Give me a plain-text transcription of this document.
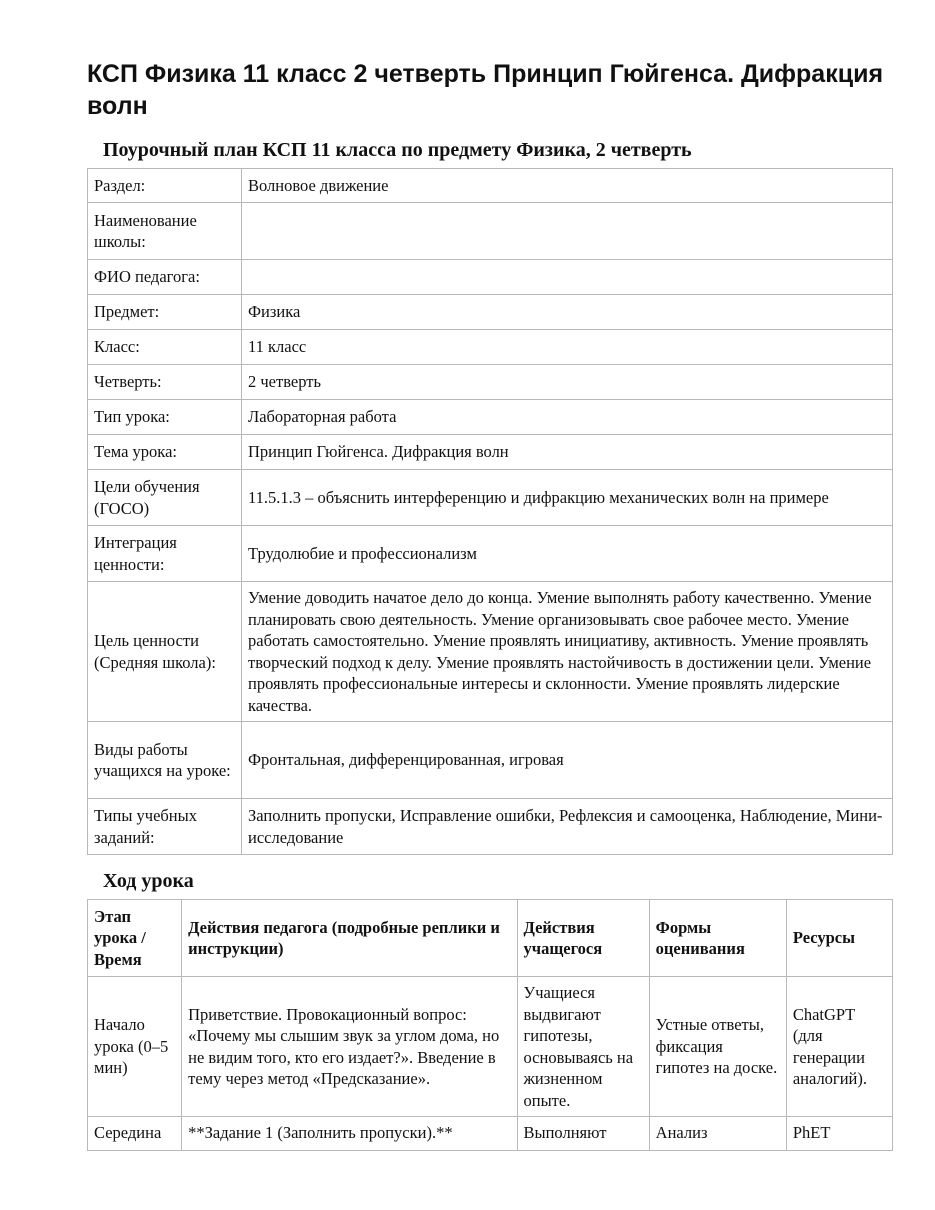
КСП Физика 11 класс 2 четверть Принцип Гюйгенса. Дифракция волн
Поурочный план КСП 11 класса по предмету Физика, 2 четверть
Раздел:	Волновое движение
Наименование школы:	
ФИО педагога:	
Предмет:	Физика
Класс:	11 класс
Четверть:	2 четверть
Тип урока:	Лабораторная работа
Тема урока:	Принцип Гюйгенса. Дифракция волн
Цели обучения (ГОСО)	11.5.1.3 – объяснить интерференцию и дифракцию механических волн на примере
Интеграция ценности:	Трудолюбие и профессионализм
Цель ценности (Средняя школа):	Умение доводить начатое дело до конца. Умение выполнять работу качественно. Умение планировать свою деятельность. Умение организовывать свое рабочее место. Умение работать самостоятельно. Умение проявлять инициативу, активность. Умение проявлять творческий подход к делу. Умение проявлять настойчивость в достижении цели. Умение проявлять профессиональные интересы и склонности. Умение проявлять лидерские качества.
Виды работы учащихся на уроке:	Фронтальная, дифференцированная, игровая
Типы учебных заданий:	Заполнить пропуски, Исправление ошибки, Рефлексия и самооценка, Наблюдение, Мини-исследование
Ход урока
Этап урока / Время	Действия педагога (подробные реплики и инструкции)	Действия учащегося	Формы оценивания	Ресурсы
Начало урока (0–5 мин)	Приветствие. Провокационный вопрос: «Почему мы слышим звук за углом дома, но не видим того, кто его издает?». Введение в тему через метод «Предсказание».	Учащиеся выдвигают гипотезы, основываясь на жизненном опыте.	Устные ответы, фиксация гипотез на доске.	ChatGPT (для генерации аналогий).
Середина	**Задание 1 (Заполнить пропуски).**	Выполняют	Анализ	PhET
